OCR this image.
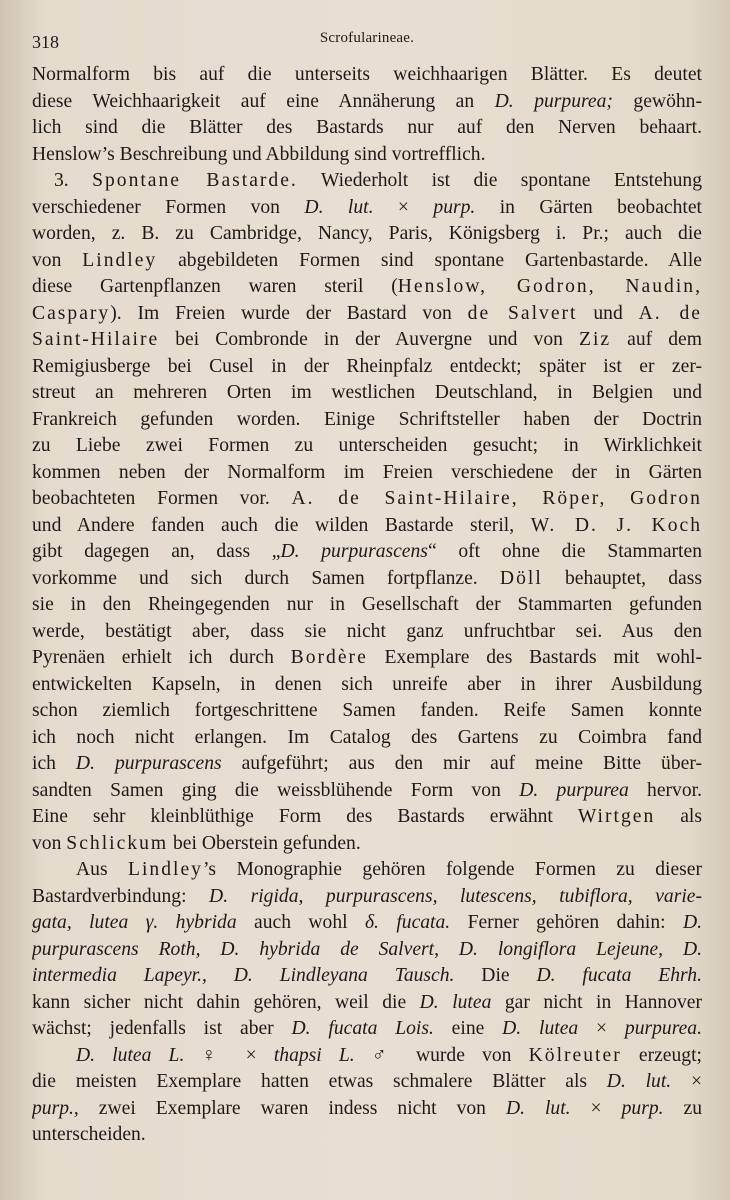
318	Scrofularineae.
Normalform bis auf die unterseits weichhaarigen Blätter. Es deutet
diese Weichhaarigkeit auf eine Annäherung an D. purpurea; gewöhn-
lich sind die Blätter des Bastards nur auf den Nerven behaart.
Henslow’s Beschreibung und Abbildung sind vortrefflich.
3. Spontane Bastarde. Wiederholt ist die spontane Entstehung
verschiedener Formen von D. lut. × purp. in Gärten beobachtet
worden, z. B. zu Cambridge, Nancy, Paris, Königsberg i. Pr.; auch die
von Lindley abgebildeten Formen sind spontane Gartenbastarde. Alle
diese Gartenpflanzen waren steril (Henslow, Godron, Naudin,
Caspary). Im Freien wurde der Bastard von de Salvert und A. de
Saint-Hilaire bei Combronde in der Auvergne und von Ziz auf dem
Remigiusberge bei Cusel in der Rheinpfalz entdeckt; später ist er zer-
streut an mehreren Orten im westlichen Deutschland, in Belgien und
Frankreich gefunden worden. Einige Schriftsteller haben der Doctrin
zu Liebe zwei Formen zu unterscheiden gesucht; in Wirklichkeit
kommen neben der Normalform im Freien verschiedene der in Gärten
beobachteten Formen vor. A. de Saint-Hilaire, Röper, Godron
und Andere fanden auch die wilden Bastarde steril, W. D. J. Koch
gibt dagegen an, dass „D. purpurascens“ oft ohne die Stammarten
vorkomme und sich durch Samen fortpflanze. Döll behauptet, dass
sie in den Rheingegenden nur in Gesellschaft der Stammarten gefunden
werde, bestätigt aber, dass sie nicht ganz unfruchtbar sei. Aus den
Pyrenäen erhielt ich durch Bordère Exemplare des Bastards mit wohl-
entwickelten Kapseln, in denen sich unreife aber in ihrer Ausbildung
schon ziemlich fortgeschrittene Samen fanden. Reife Samen konnte
ich noch nicht erlangen. Im Catalog des Gartens zu Coimbra fand
ich D. purpurascens aufgeführt; aus den mir auf meine Bitte über-
sandten Samen ging die weissblühende Form von D. purpurea hervor.
Eine sehr kleinblüthige Form des Bastards erwähnt Wirtgen als
von Schlickum bei Oberstein gefunden.
Aus Lindley’s Monographie gehören folgende Formen zu dieser
Bastardverbindung: D. rigida, purpurascens, lutescens, tubiflora, varie-
gata, lutea γ. hybrida auch wohl δ. fucata. Ferner gehören dahin: D.
purpurascens Roth, D. hybrida de Salvert, D. longiflora Lejeune, D.
intermedia Lapeyr., D. Lindleyana Tausch. Die D. fucata Ehrh.
kann sicher nicht dahin gehören, weil die D. lutea gar nicht in Hannover
wächst; jedenfalls ist aber D. fucata Lois. eine D. lutea × purpurea.
D. lutea L. ♀ × thapsi L. ♂ wurde von Kölreuter erzeugt;
die meisten Exemplare hatten etwas schmalere Blätter als D. lut. ×
purp., zwei Exemplare waren indess nicht von D. lut. × purp. zu
unterscheiden.
